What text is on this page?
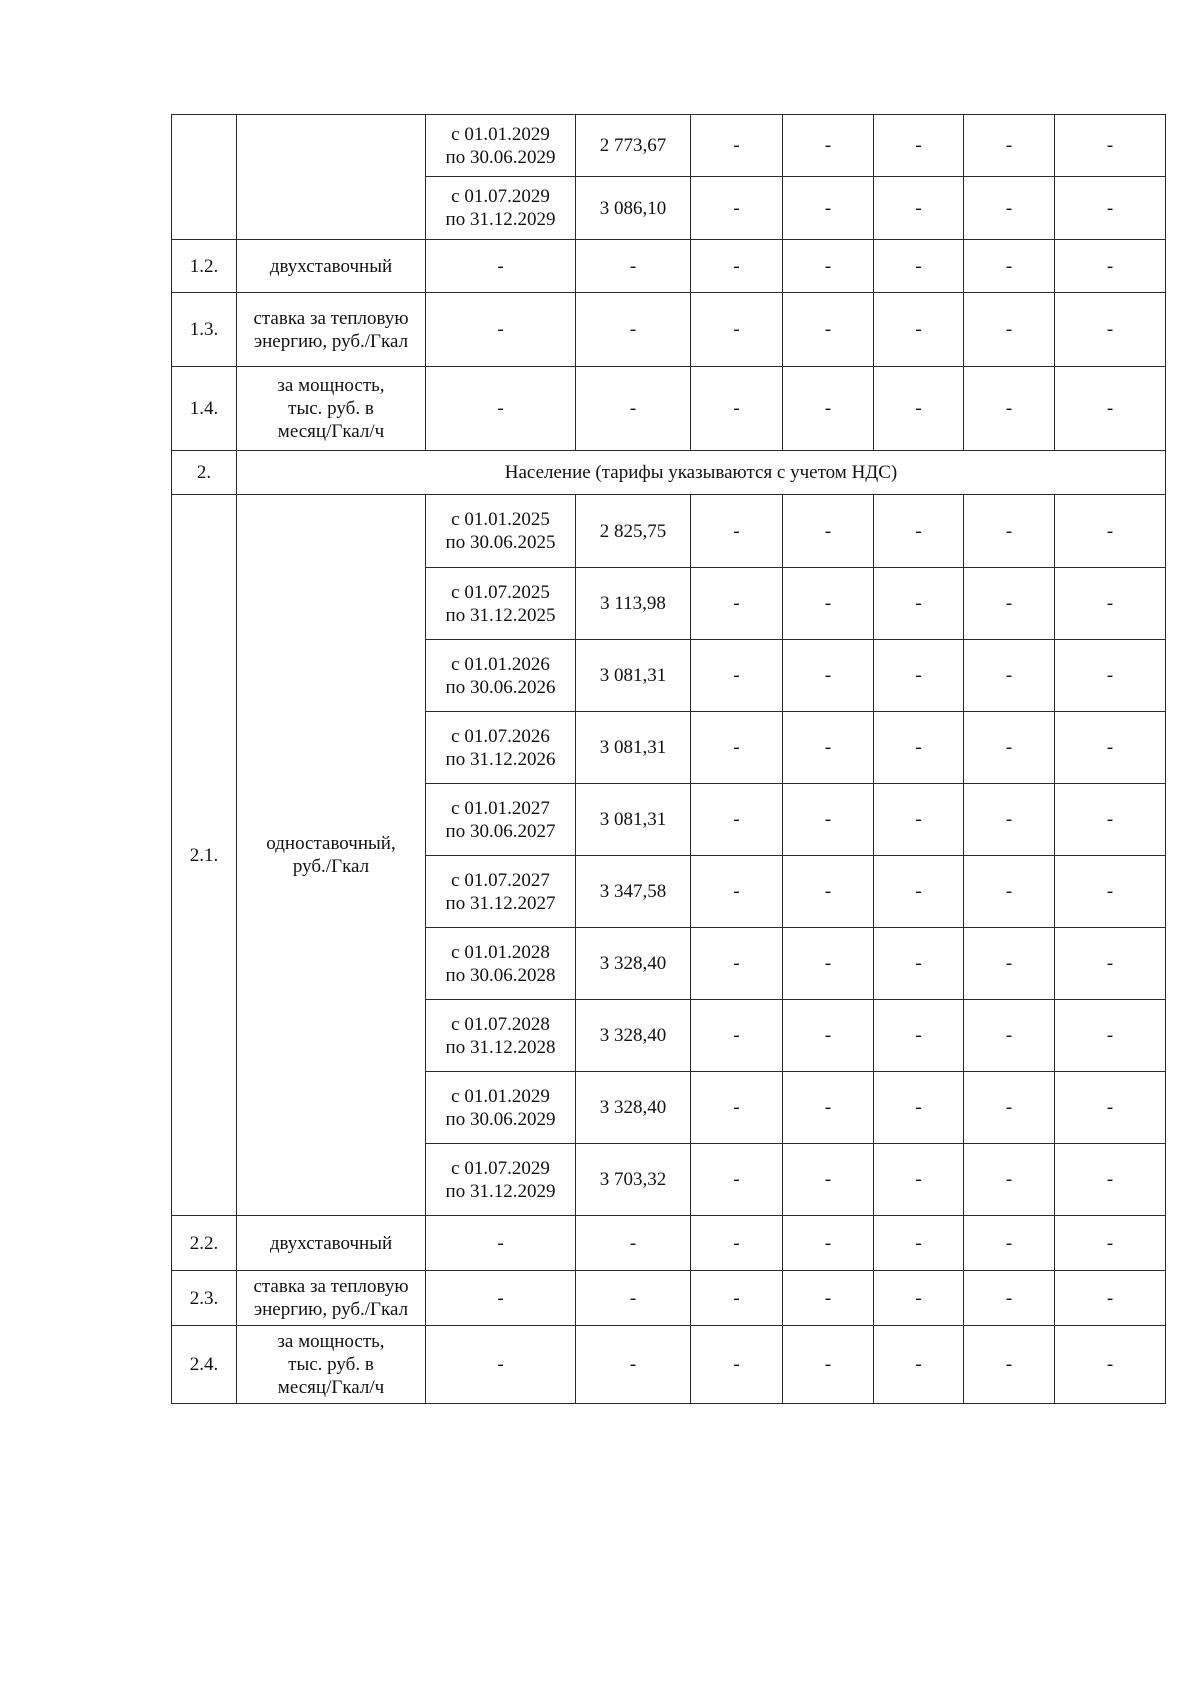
		с 01.01.2029
по 30.06.2029	2 773,67	-	-	-	-	-

		с 01.07.2029
по 31.12.2029	3 086,10	-	-	-	-	-
1.2.	двухставочный	-	-	-	-	-	-	-
1.3.	ставка за тепловую
энергию, руб./Гкал	-	-	-	-	-	-	-
1.4.	за мощность,
тыс. руб. в
месяц/Гкал/ч	-	-	-	-	-	-	-
2.	Население (тарифы указываются с учетом НДС)							
2.1.	одноставочный,
руб./Гкал	с 01.01.2025
по 30.06.2025	2 825,75	-	-	-	-	-

		с 01.07.2025
по 31.12.2025	3 113,98	-	-	-	-	-

		с 01.01.2026
по 30.06.2026	3 081,31	-	-	-	-	-

		с 01.07.2026
по 31.12.2026	3 081,31	-	-	-	-	-

		с 01.01.2027
по 30.06.2027	3 081,31	-	-	-	-	-

		с 01.07.2027
по 31.12.2027	3 347,58	-	-	-	-	-

		с 01.01.2028
по 30.06.2028	3 328,40	-	-	-	-	-

		с 01.07.2028
по 31.12.2028	3 328,40	-	-	-	-	-

		с 01.01.2029
по 30.06.2029	3 328,40	-	-	-	-	-

		с 01.07.2029
по 31.12.2029	3 703,32	-	-	-	-	-
2.2.	двухставочный	-	-	-	-	-	-	-
2.3.	ставка за тепловую
энергию, руб./Гкал	-	-	-	-	-	-	-
2.4.	за мощность,
тыс. руб. в
месяц/Гкал/ч	-	-	-	-	-	-	-
